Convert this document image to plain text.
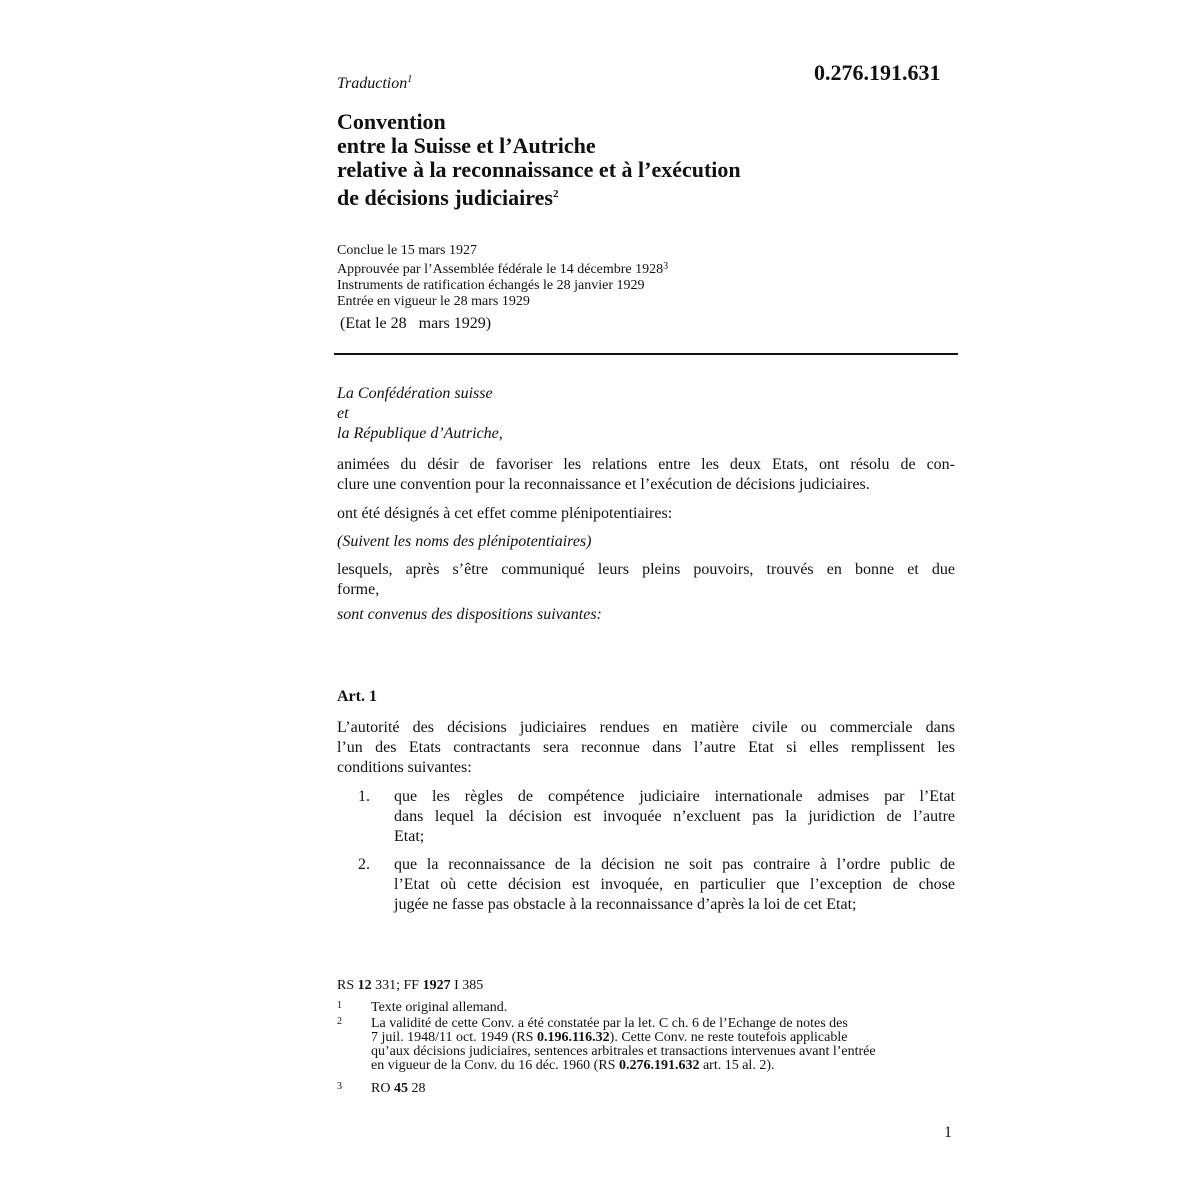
0.276.191.631
Traduction$^1$
Convention
entre la Suisse et l’Autriche
relative à la reconnaissance et à l’exécution
de décisions judiciaires$^2$
Conclue le 15 mars 1927
Approuvée par l’Assemblée fédérale le 14 décembre 1928$^3$
Instruments de ratification échangés le 28 janvier 1929
Entrée en vigueur le 28 mars 1929
(Etat le 28   mars 1929)
La Confédération suisse
et
la République d’Autriche,
animées du désir de favoriser les relations entre les deux Etats, ont résolu de con-
clure une convention pour la reconnaissance et l’exécution de décisions judiciaires.
ont été désignés à cet effet comme plénipotentiaires:
(Suivent les noms des plénipotentiaires)
lesquels, après s’être communiqué leurs pleins pouvoirs, trouvés en bonne et due
forme,
sont convenus des dispositions suivantes:
Art. 1
L’autorité des décisions judiciaires rendues en matière civile ou commerciale dans
l’un des Etats contractants sera reconnue dans l’autre Etat si elles remplissent les
conditions suivantes:
1. que les règles de compétence judiciaire internationale admises par l’Etat
dans lequel la décision est invoquée n’excluent pas la juridiction de l’autre
Etat;
2. que la reconnaissance de la décision ne soit pas contraire à l’ordre public de
l’Etat où cette décision est invoquée, en particulier que l’exception de chose
jugée ne fasse pas obstacle à la reconnaissance d’après la loi de cet Etat;
RS 12 331; FF 1927 I 385
1 Texte original allemand.
2 La validité de cette Conv. a été constatée par la let. C ch. 6 de l’Echange de notes des
7 juil. 1948/11 oct. 1949 (RS 0.196.116.32). Cette Conv. ne reste toutefois applicable
qu’aux décisions judiciaires, sentences arbitrales et transactions intervenues avant l’entrée
en vigueur de la Conv. du 16 déc. 1960 (RS 0.276.191.632 art. 15 al. 2).
3 RO 45 28
1
